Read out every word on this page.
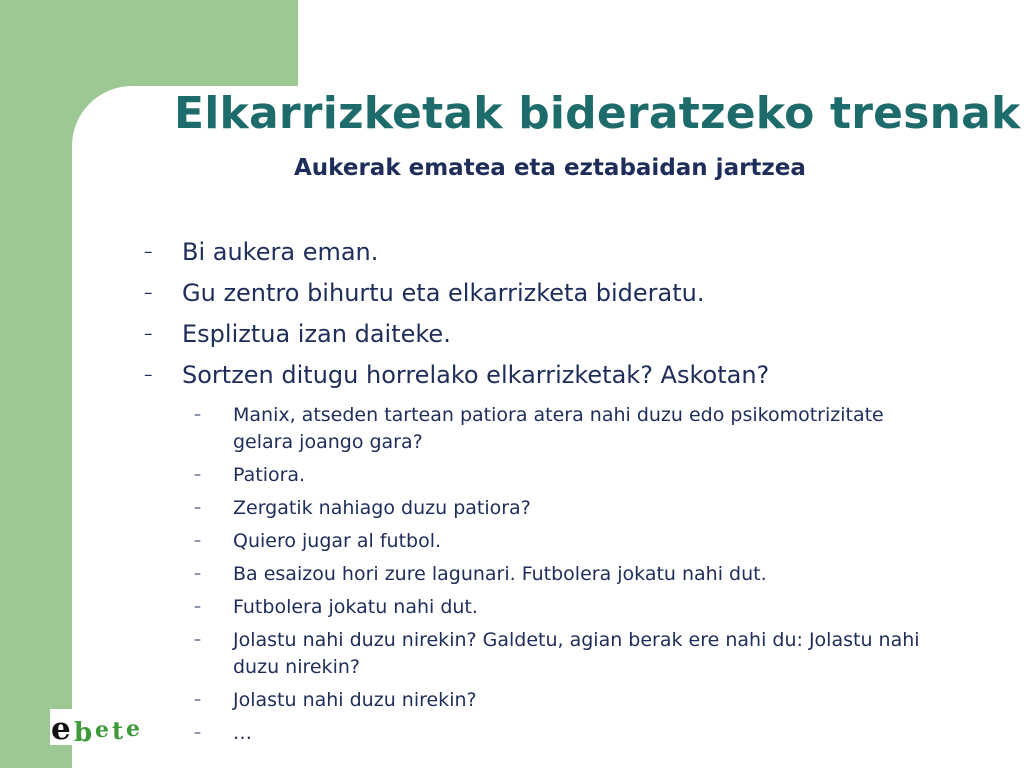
Elkarrizketak bideratzeko tresnak
Aukerak ematea eta eztabaidan jartzea
– Bi aukera eman.
– Gu zentro bihurtu eta elkarrizketa bideratu.
– Espliztua izan daiteke.
– Sortzen ditugu horrelako elkarrizketak? Askotan?
– Manix, atseden tartean patiora atera nahi duzu edo psikomotrizitate gelara joango gara?
– Patiora.
– Zergatik nahiago duzu patiora?
– Quiero jugar al futbol.
– Ba esaizou hori zure lagunari. Futbolera jokatu nahi dut.
– Futbolera jokatu nahi dut.
– Jolastu nahi duzu nirekin? Galdetu, agian berak ere nahi du: Jolastu nahi duzu nirekin?
– Jolastu nahi duzu nirekin?
– …
e b e t e
